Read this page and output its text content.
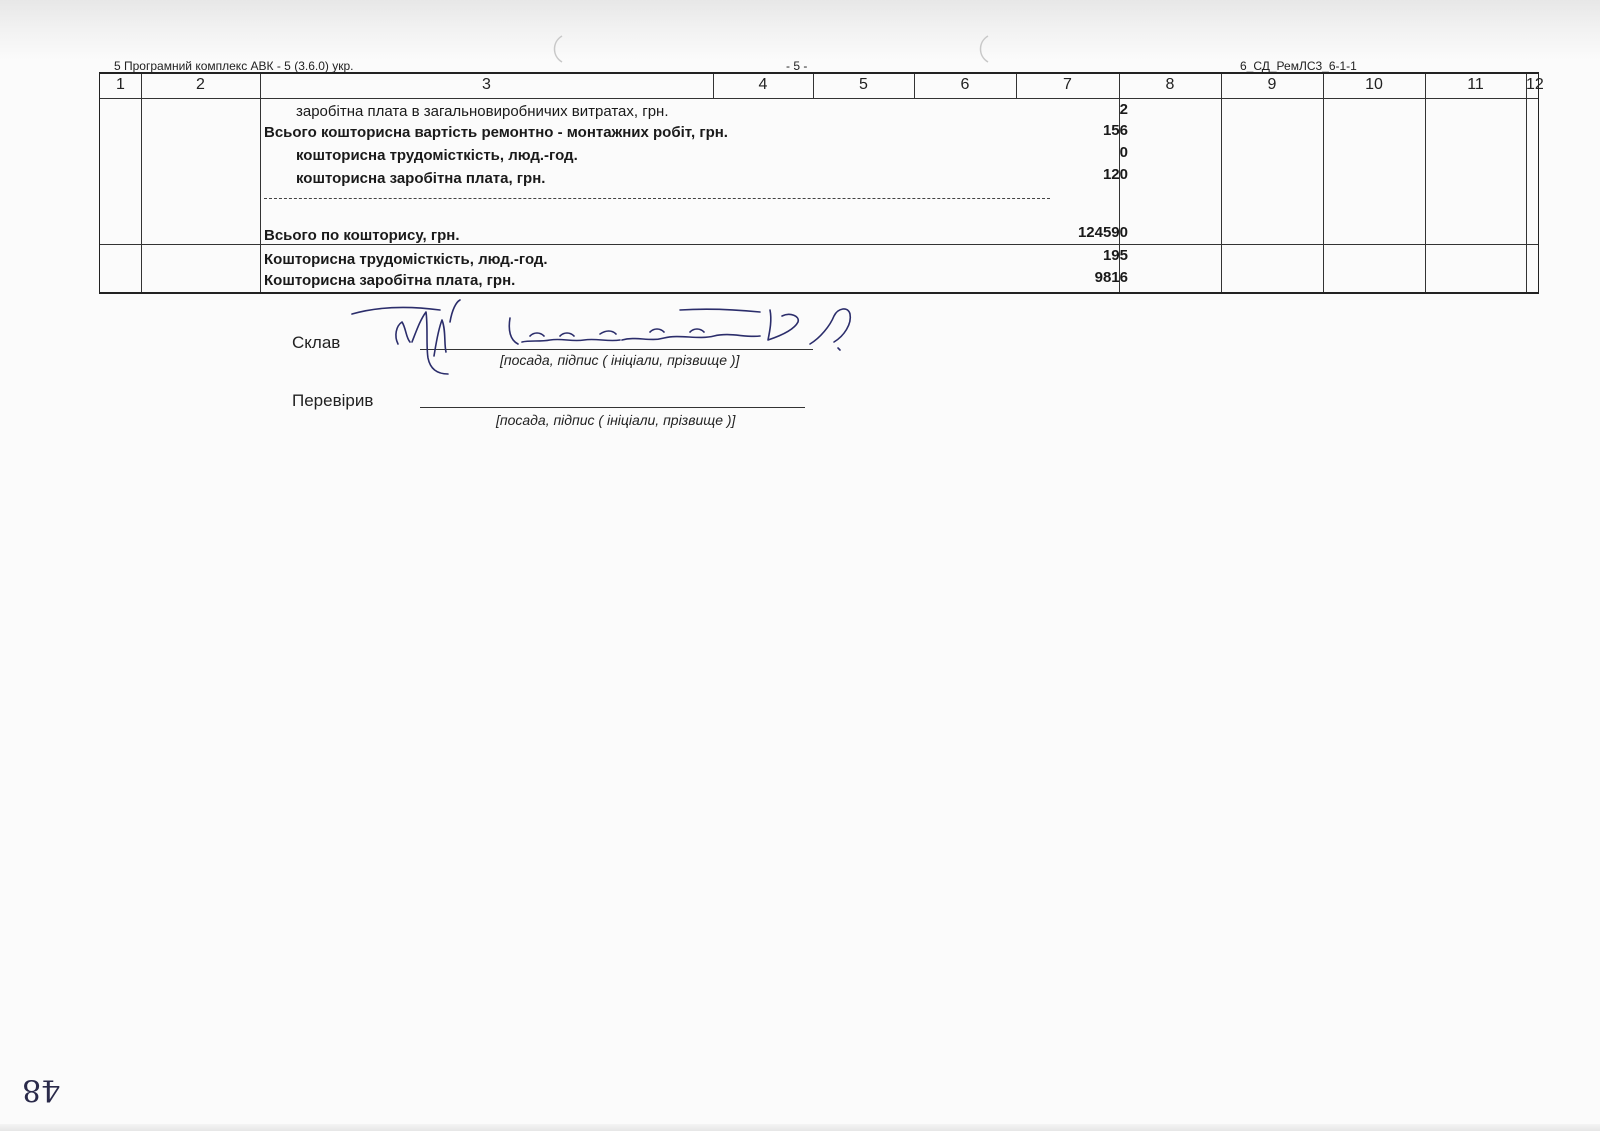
5 Програмний комплекс АВК - 5 (3.6.0) укр.	- 5 -	6_СД_РемЛС3_6-1-1
1	2	3	4	5	6	7	8	9	10	11	12
заробітна плата в загальновиробничих витратах, грн.	2
Всього кошторисна вартість ремонтно - монтажних робіт, грн.	156
кошторисна трудомісткість, люд.-год.	0
кошторисна заробітна плата, грн.	120
Всього по кошторису, грн.	124590
Кошторисна трудомісткість, люд.-год.	195
Кошторисна заробітна плата, грн.	9816
Склав
[посада, підпис ( ініціали, прізвище )]
Перевірив
[посада, підпис ( ініціали, прізвище )]
48
